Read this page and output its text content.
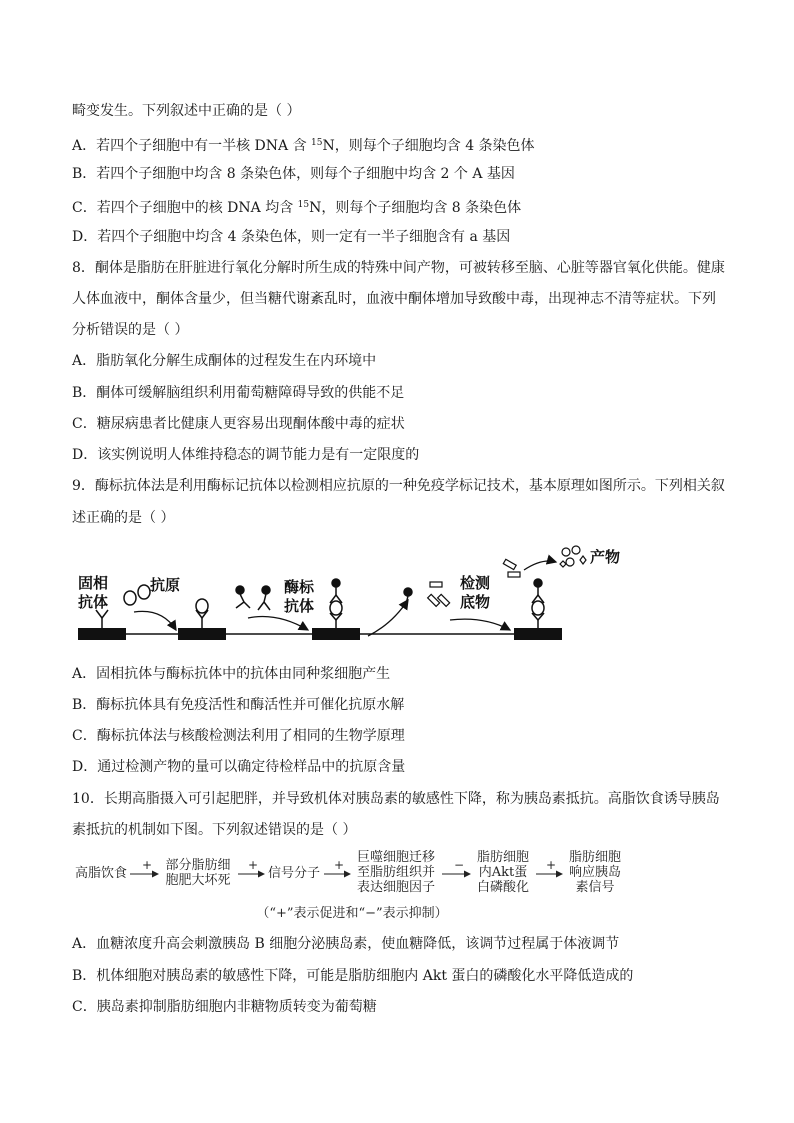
畸变发生。下列叙述中正确的是（ ）
A．若四个子细胞中有一半核 DNA 含 $^{15}$N，则每个子细胞均含 4 条染色体
B．若四个子细胞中均含 8 条染色体，则每个子细胞中均含 2 个 A 基因
C．若四个子细胞中的核 DNA 均含 $^{15}$N，则每个子细胞均含 8 条染色体
D．若四个子细胞中均含 4 条染色体，则一定有一半子细胞含有 a 基因
8．酮体是脂肪在肝脏进行氧化分解时所生成的特殊中间产物，可被转移至脑、心脏等器官氧化供能。健康
人体血液中，酮体含量少，但当糖代谢紊乱时，血液中酮体增加导致酸中毒，出现神志不清等症状。下列
分析错误的是（ ）
A．脂肪氧化分解生成酮体的过程发生在内环境中
B．酮体可缓解脑组织利用葡萄糖障碍导致的供能不足
C．糖尿病患者比健康人更容易出现酮体酸中毒的症状
D．该实例说明人体维持稳态的调节能力是有一定限度的
9．酶标抗体法是利用酶标记抗体以检测相应抗原的一种免疫学标记技术，基本原理如图所示。下列相关叙
述正确的是（ ）
固相
抗体
抗原	酶标
抗体
检测
底物
产物
A．固相抗体与酶标抗体中的抗体由同种浆细胞产生
B．酶标抗体具有免疫活性和酶活性并可催化抗原水解
C．酶标抗体法与核酸检测法利用了相同的生物学原理
D．通过检测产物的量可以确定待检样品中的抗原含量
10．长期高脂摄入可引起肥胖，并导致机体对胰岛素的敏感性下降，称为胰岛素抵抗。高脂饮食诱导胰岛
素抵抗的机制如下图。下列叙述错误的是（ ）
高脂饮食
部分脂肪细
胞肥大坏死	信号分子
巨噬细胞迁移
至脂肪组织并
表达细胞因子
脂肪细胞
内Akt蛋
白磷酸化
脂肪细胞
响应胰岛
素信号
+	+	+	−	+
（“+”表示促进和“−”表示抑制）
A．血糖浓度升高会刺激胰岛 B 细胞分泌胰岛素，使血糖降低，该调节过程属于体液调节
B．机体细胞对胰岛素的敏感性下降，可能是脂肪细胞内 Akt 蛋白的磷酸化水平降低造成的
C．胰岛素抑制脂肪细胞内非糖物质转变为葡萄糖
